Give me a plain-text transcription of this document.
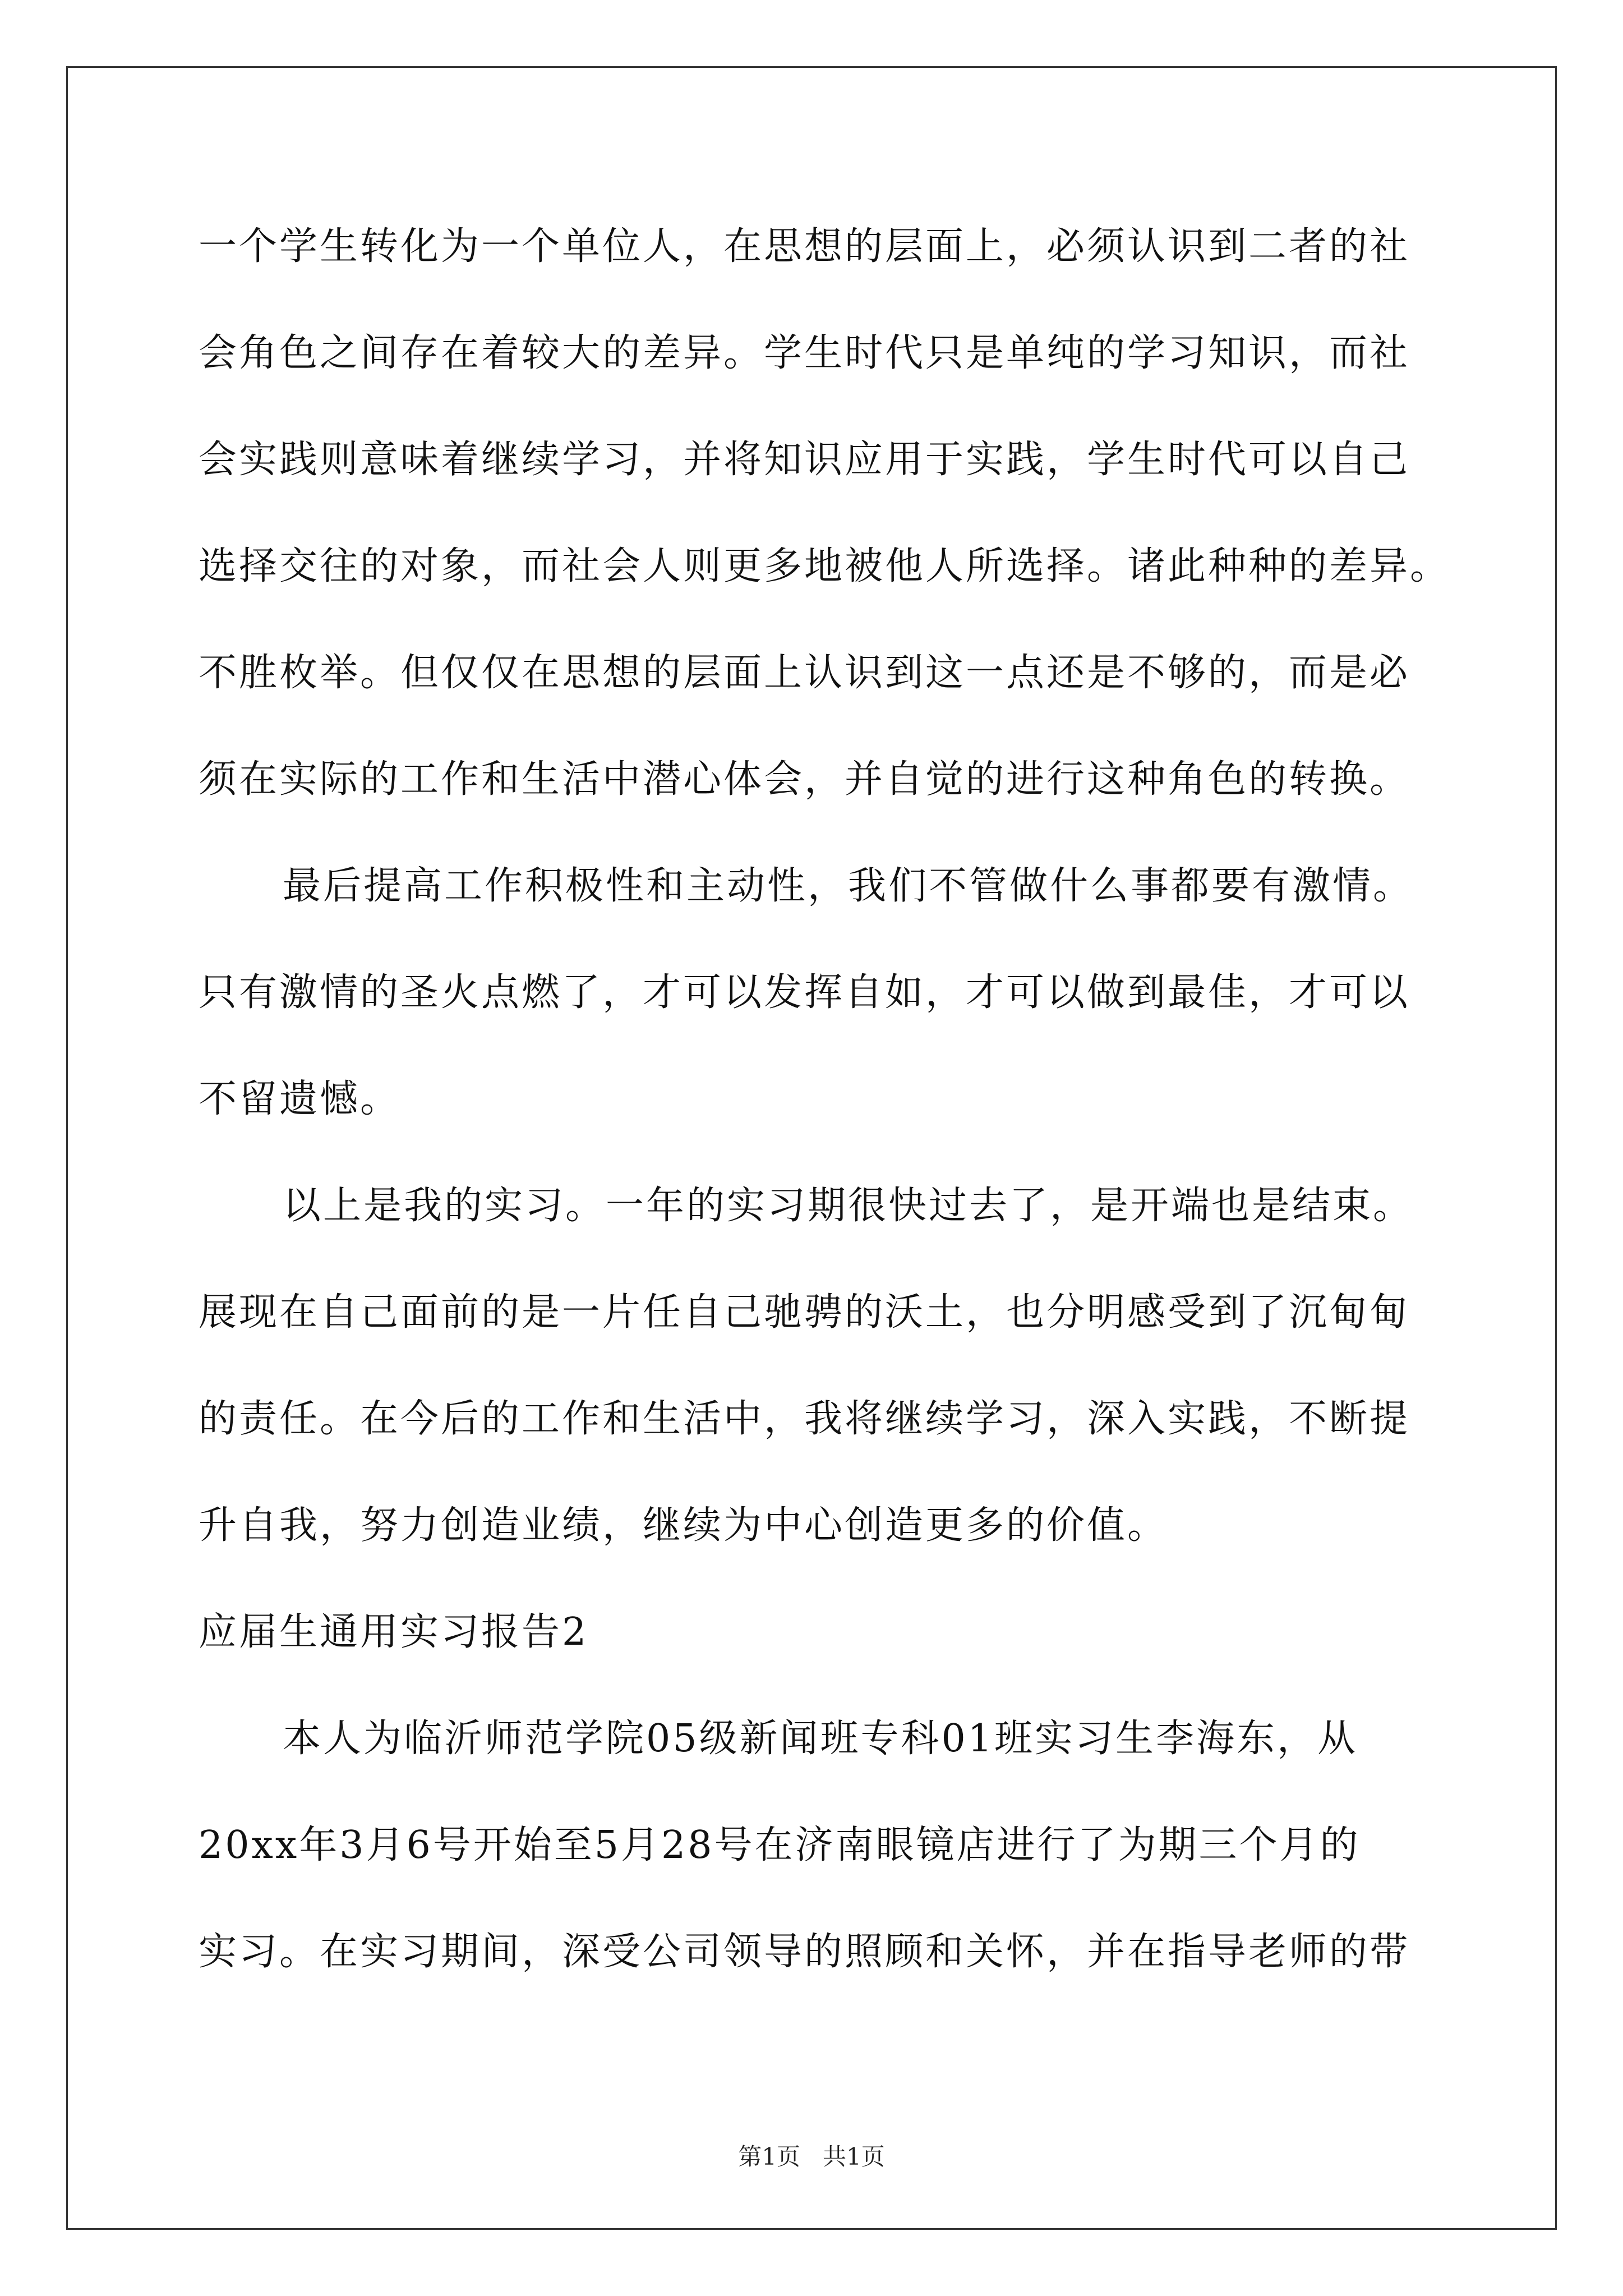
一个学生转化为一个单位人，在思想的层面上，必须认识到二者的社
会角色之间存在着较大的差异。学生时代只是单纯的学习知识，而社
会实践则意味着继续学习，并将知识应用于实践，学生时代可以自己
选择交往的对象，而社会人则更多地被他人所选择。诸此种种的差异。
不胜枚举。但仅仅在思想的层面上认识到这一点还是不够的，而是必
须在实际的工作和生活中潜心体会，并自觉的进行这种角色的转换。
最后提高工作积极性和主动性，我们不管做什么事都要有激情。
只有激情的圣火点燃了，才可以发挥自如，才可以做到最佳，才可以
不留遗憾。
以上是我的实习。一年的实习期很快过去了，是开端也是结束。
展现在自己面前的是一片任自己驰骋的沃土，也分明感受到了沉甸甸
的责任。在今后的工作和生活中，我将继续学习，深入实践，不断提
升自我，努力创造业绩，继续为中心创造更多的价值。
应届生通用实习报告2
本人为临沂师范学院05级新闻班专科01班实习生李海东，从
20xx年3月6号开始至5月28号在济南眼镜店进行了为期三个月的
实习。在实习期间，深受公司领导的照顾和关怀，并在指导老师的带
第1页   共1页
